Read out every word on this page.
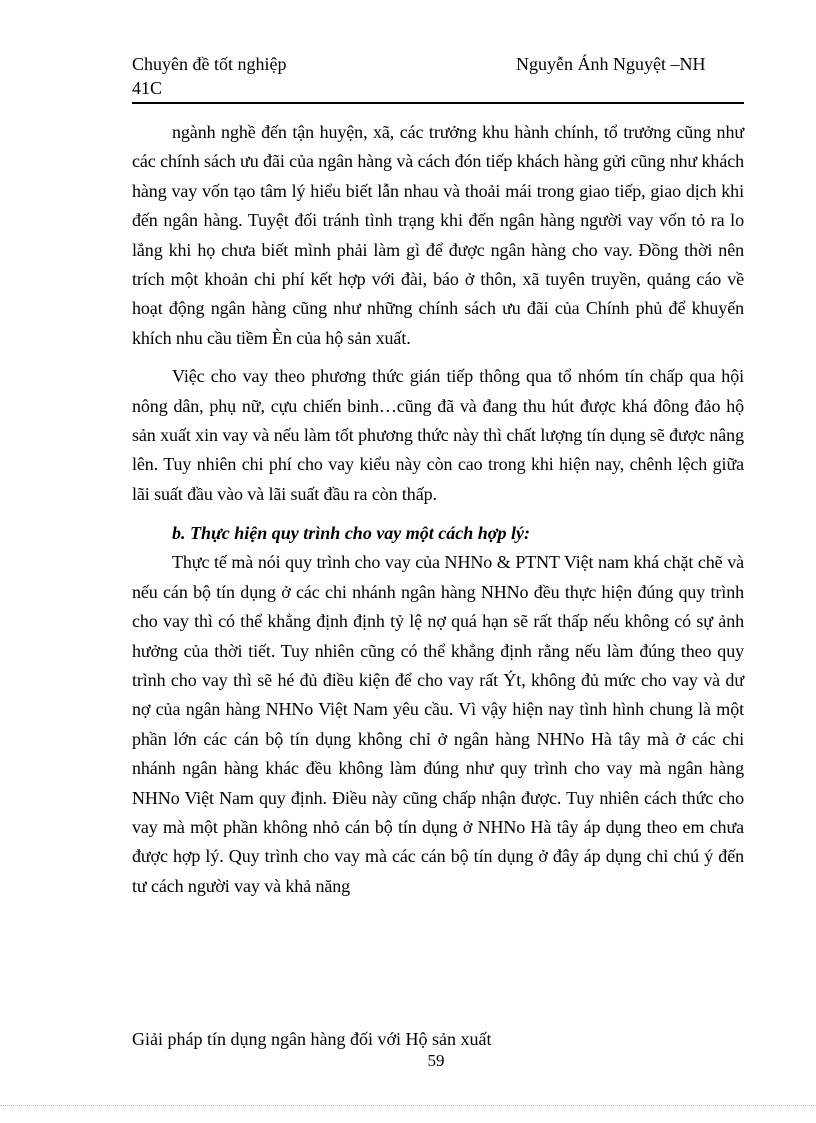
Chuyên đề tốt nghiệp
41C
Nguyễn Ánh Nguyệt –NH

ngành nghề đến tận huyện, xã, các trưởng khu hành chính, tổ trưởng cũng như các chính sách ưu đãi của ngân hàng và cách đón tiếp khách hàng gửi cũng như khách hàng vay vốn tạo tâm lý hiểu biết lẫn nhau và thoải mái trong giao tiếp, giao dịch khi đến ngân hàng. Tuyệt đối tránh tình trạng khi đến ngân hàng người vay vốn tỏ ra lo lắng khi họ chưa biết mình phải làm gì để được ngân hàng cho vay. Đồng thời nên trích một khoản chi phí kết hợp với đài, báo ở thôn, xã tuyên truyền, quảng cáo về hoạt động ngân hàng cũng như những chính sách ưu đãi của Chính phủ để khuyến khích nhu cầu tiềm Èn của hộ sản xuất.

Việc cho vay theo phương thức gián tiếp thông qua tổ nhóm tín chấp qua hội nông dân, phụ nữ, cựu chiến binh…cũng đã và đang thu hút được khá đông đảo hộ sản xuất xin vay và nếu làm tốt phương thức này thì chất lượng tín dụng sẽ được nâng lên. Tuy nhiên chi phí cho vay kiểu này còn cao trong khi hiện nay, chênh lệch giữa lãi suất đầu vào và lãi suất đầu ra còn thấp.

b. Thực hiện quy trình cho vay một cách hợp lý:

Thực tế mà nói quy trình cho vay của NHNo & PTNT Việt nam khá chặt chẽ và nếu cán bộ tín dụng ở các chi nhánh ngân hàng NHNo đều thực hiện đúng quy trình cho vay thì có thể khẳng định định tỷ lệ nợ quá hạn sẽ rất thấp nếu không có sự ảnh hưởng của thời tiết. Tuy nhiên cũng có thể khẳng định rằng nếu làm đúng theo quy trình cho vay thì sẽ hé đủ điều kiện để cho vay rất Ýt, không đủ mức cho vay và dư nợ của ngân hàng NHNo Việt Nam yêu cầu. Vì vậy hiện nay tình hình chung là một phần lớn các cán bộ tín dụng không chỉ ở ngân hàng NHNo Hà tây mà ở các chi nhánh ngân hàng khác đều không làm đúng như quy trình cho vay mà ngân hàng NHNo Việt Nam quy định. Điều này cũng chấp nhận được. Tuy nhiên cách thức cho vay mà một phần không nhỏ cán bộ tín dụng ở NHNo Hà tây áp dụng theo em chưa được hợp lý. Quy trình cho vay mà các cán bộ tín dụng ở đây áp dụng chỉ chú ý đến tư cách người vay và khả năng

Giải pháp tín dụng ngân hàng đối với Hộ sản xuất
59
